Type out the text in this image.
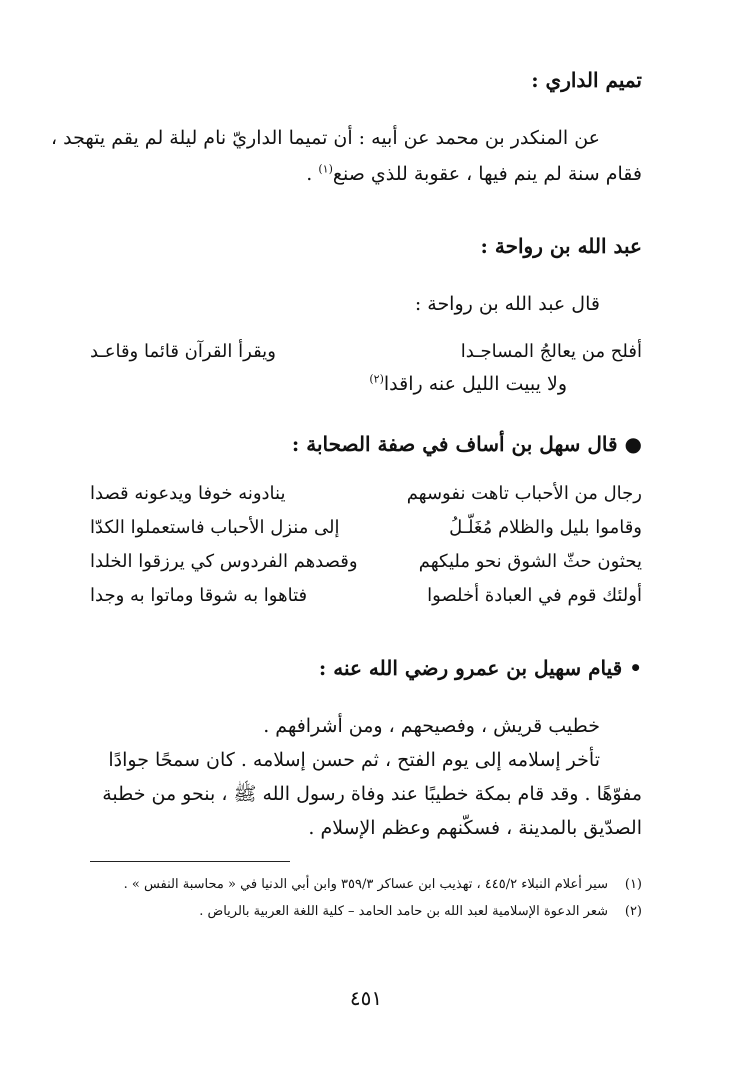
تميم الداري :
عن المنكدر بن محمد عن أبيه : أن تميما الداريّ نام ليلة لم يقم يتهجد ،
فقام سنة لم ينم فيها ، عقوبة للذي صنع$^{(١)}$ .
عبد الله بن رواحة :
قال عبد الله بن رواحة :
أفلح من يعالجُ المساجـدا
ويقرأ القرآن قائما وقاعـد
ولا يبيت الليل عنه راقدا$^{(٢)}$
● قال سهل بن أساف في صفة الصحابة :
رجال من الأحباب تاهت نفوسهم
ينادونه خوفا ويدعونه قصدا
وقاموا بليل والظلام مُغَلّـلُ
إلى منزل الأحباب فاستعملوا الكدّا
يحثون حثّ الشوق نحو مليكهم
وقصدهم الفردوس كي يرزقوا الخلدا
أولئك قوم في العبادة أخلصوا
فتاهوا به شوقا وماتوا به وجدا
• قيام سهيل بن عمرو رضي الله عنه :
خطيب قريش ، وفصيحهم ، ومن أشرافهم .
تأخر إسلامه إلى يوم الفتح ، ثم حسن إسلامه . كان سمحًا جوادًا
مفوّهًا . وقد قام بمكة خطيبًا عند وفاة رسول الله ﷺ ، بنحو من خطبة
الصدّيق بالمدينة ، فسكّنهم وعظم الإسلام .
(١)سير أعلام النبلاء ٤٤٥/٢ ، تهذيب ابن عساكر ٣٥٩/٣ وابن أبي الدنيا في « محاسبة النفس » .
(٢)شعر الدعوة الإسلامية لعبد الله بن حامد الحامد – كلية اللغة العربية بالرياض .
٤٥١
